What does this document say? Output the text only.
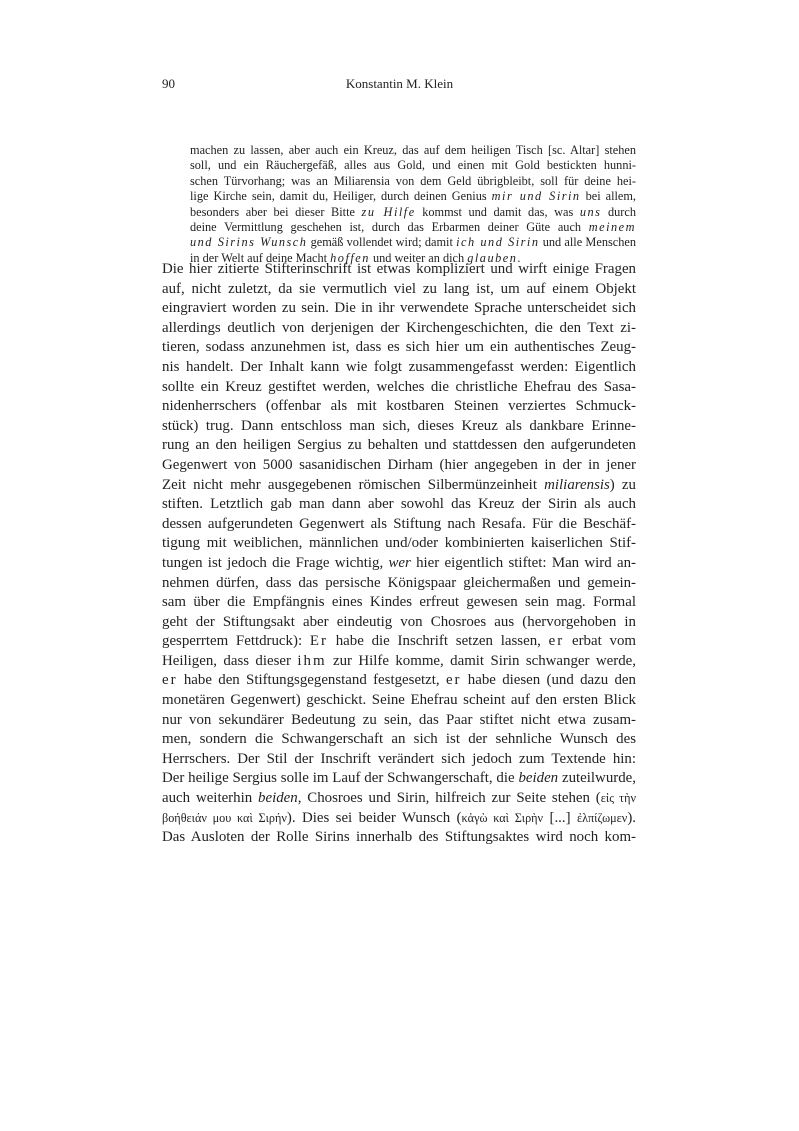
90	Konstantin M. Klein
machen zu lassen, aber auch ein Kreuz, das auf dem heiligen Tisch [sc. Altar] stehen
soll, und ein Räuchergefäß, alles aus Gold, und einen mit Gold bestickten hunni-
schen Türvorhang; was an Miliarensia von dem Geld übrigbleibt, soll für deine hei-
lige Kirche sein, damit du, Heiliger, durch deinen Genius mir und Sirin bei allem,
besonders aber bei dieser Bitte zu Hilfe kommst und damit das, was uns durch
deine Vermittlung geschehen ist, durch das Erbarmen deiner Güte auch meinem
und Sirins Wunsch gemäß vollendet wird; damit ich und Sirin und alle Menschen
in der Welt auf deine Macht hoffen und weiter an dich glauben.
Die hier zitierte Stifterinschrift ist etwas kompliziert und wirft einige Fragen
auf, nicht zuletzt, da sie vermutlich viel zu lang ist, um auf einem Objekt
eingraviert worden zu sein. Die in ihr verwendete Sprache unterscheidet sich
allerdings deutlich von derjenigen der Kirchengeschichten, die den Text zi-
tieren, sodass anzunehmen ist, dass es sich hier um ein authentisches Zeug-
nis handelt. Der Inhalt kann wie folgt zusammengefasst werden: Eigentlich
sollte ein Kreuz gestiftet werden, welches die christliche Ehefrau des Sasa-
nidenherrschers (offenbar als mit kostbaren Steinen verziertes Schmuck-
stück) trug. Dann entschloss man sich, dieses Kreuz als dankbare Erinne-
rung an den heiligen Sergius zu behalten und stattdessen den aufgerundeten
Gegenwert von 5000 sasanidischen Dirham (hier angegeben in der in jener
Zeit nicht mehr ausgegebenen römischen Silbermünzeinheit miliarensis) zu
stiften. Letztlich gab man dann aber sowohl das Kreuz der Sirin als auch
dessen aufgerundeten Gegenwert als Stiftung nach Resafa. Für die Beschäf-
tigung mit weiblichen, männlichen und/oder kombinierten kaiserlichen Stif-
tungen ist jedoch die Frage wichtig, wer hier eigentlich stiftet: Man wird an-
nehmen dürfen, dass das persische Königspaar gleichermaßen und gemein-
sam über die Empfängnis eines Kindes erfreut gewesen sein mag. Formal
geht der Stiftungsakt aber eindeutig von Chosroes aus (hervorgehoben in
gesperrtem Fettdruck): Er habe die Inschrift setzen lassen, er erbat vom
Heiligen, dass dieser ihm zur Hilfe komme, damit Sirin schwanger werde,
er habe den Stiftungsgegenstand festgesetzt, er habe diesen (und dazu den
monetären Gegenwert) geschickt. Seine Ehefrau scheint auf den ersten Blick
nur von sekundärer Bedeutung zu sein, das Paar stiftet nicht etwa zusam-
men, sondern die Schwangerschaft an sich ist der sehnliche Wunsch des
Herrschers. Der Stil der Inschrift verändert sich jedoch zum Textende hin:
Der heilige Sergius solle im Lauf der Schwangerschaft, die beiden zuteilwurde,
auch weiterhin beiden, Chosroes und Sirin, hilfreich zur Seite stehen (εἰς τὴν
βοήθειάν μου καὶ Σιρήν). Dies sei beider Wunsch (κἀγὼ καὶ Σιρὴν [...] ἐλπίζωμεν).
Das Ausloten der Rolle Sirins innerhalb des Stiftungsaktes wird noch kom-
